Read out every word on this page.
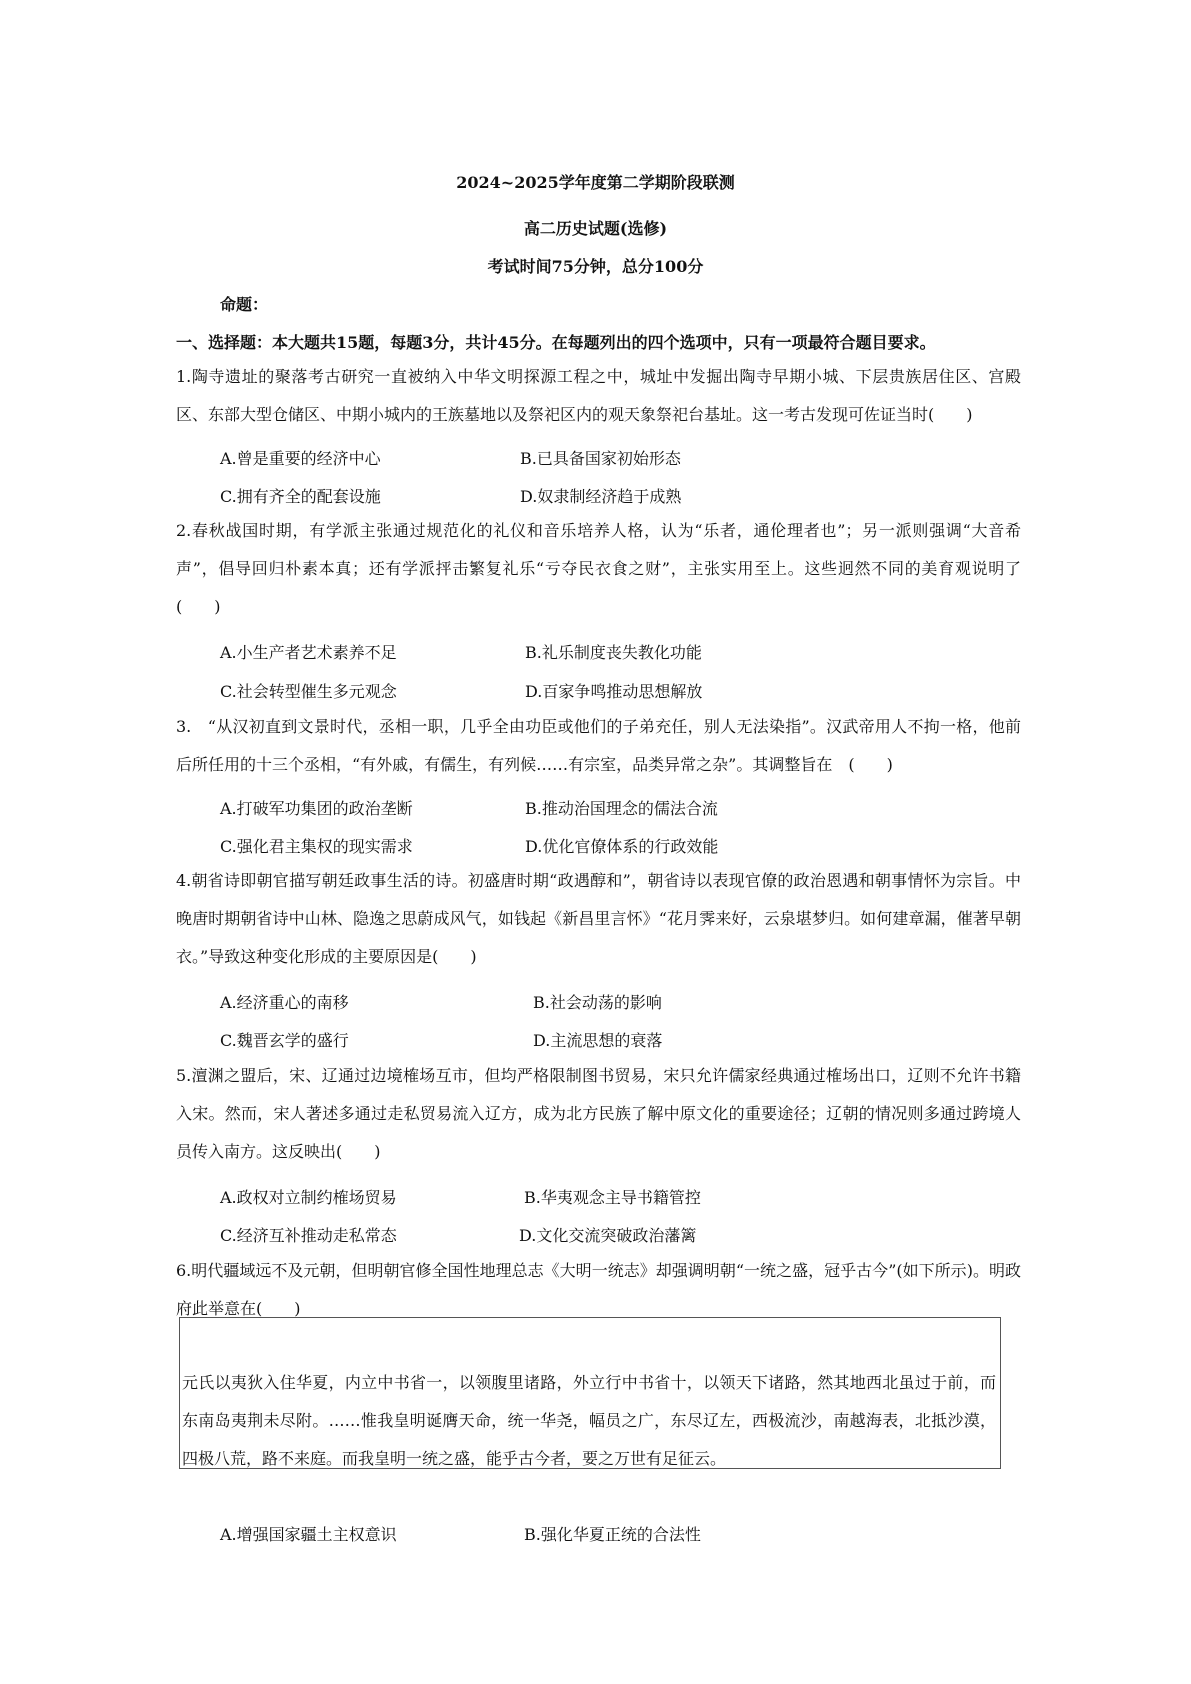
2024~2025学年度第二学期阶段联测
高二历史试题(选修)
考试时间75分钟，总分100分
命题：
一、选择题：本大题共15题，每题3分，共计45分。在每题列出的四个选项中，只有一项最符合题目要求。

1.陶寺遗址的聚落考古研究一直被纳入中华文明探源工程之中，城址中发掘出陶寺早期小城、下层贵族居住区、宫殿区、东部大型仓储区、中期小城内的王族墓地以及祭祀区内的观天象祭祀台基址。这一考古发现可佐证当时(　　)

A.曾是重要的经济中心	B.已具备国家初始形态
C.拥有齐全的配套设施	D.奴隶制经济趋于成熟

2.春秋战国时期，有学派主张通过规范化的礼仪和音乐培养人格，认为“乐者，通伦理者也”；另一派则强调“大音希声”，倡导回归朴素本真；还有学派抨击繁复礼乐“亏夺民衣食之财”，主张实用至上。这些迥然不同的美育观说明了(　　)

A.小生产者艺术素养不足	B.礼乐制度丧失教化功能
C.社会转型催生多元观念	D.百家争鸣推动思想解放

3.　“从汉初直到文景时代，丞相一职，几乎全由功臣或他们的子弟充任，别人无法染指”。汉武帝用人不拘一格，他前后所任用的十三个丞相，“有外戚，有儒生，有列候……有宗室，品类异常之杂”。其调整旨在　(　　)

A.打破军功集团的政治垄断	B.推动治国理念的儒法合流
C.强化君主集权的现实需求	D.优化官僚体系的行政效能

4.朝省诗即朝官描写朝廷政事生活的诗。初盛唐时期“政遇醇和”，朝省诗以表现官僚的政治恩遇和朝事情怀为宗旨。中晚唐时期朝省诗中山林、隐逸之思蔚成风气，如钱起《新昌里言怀》“花月霁来好，云泉堪梦归。如何建章漏，催著早朝衣。”导致这种变化形成的主要原因是(　　)

A.经济重心的南移	B.社会动荡的影响
C.魏晋玄学的盛行	D.主流思想的衰落

5.澶渊之盟后，宋、辽通过边境榷场互市，但均严格限制图书贸易，宋只允许儒家经典通过榷场出口，辽则不允许书籍入宋。然而，宋人著述多通过走私贸易流入辽方，成为北方民族了解中原文化的重要途径；辽朝的情况则多通过跨境人员传入南方。这反映出(　　)

A.政权对立制约榷场贸易	B.华夷观念主导书籍管控
C.经济互补推动走私常态	D.文化交流突破政治藩篱

6.明代疆域远不及元朝，但明朝官修全国性地理总志《大明一统志》却强调明朝“一统之盛，冠乎古今”(如下所示)。明政府此举意在(　　)

元氏以夷狄入住华夏，内立中书省一，以领腹里诸路，外立行中书省十，以领天下诸路，然其地西北虽过于前，而东南岛夷荆未尽附。……惟我皇明诞膺天命，统一华尧，幅员之广，东尽辽左，西极流沙，南越海表，北抵沙漠，四极八荒，路不来庭。而我皇明一统之盛，能乎古今者，要之万世有足征云。

A.增强国家疆土主权意识	B.强化华夏正统的合法性
